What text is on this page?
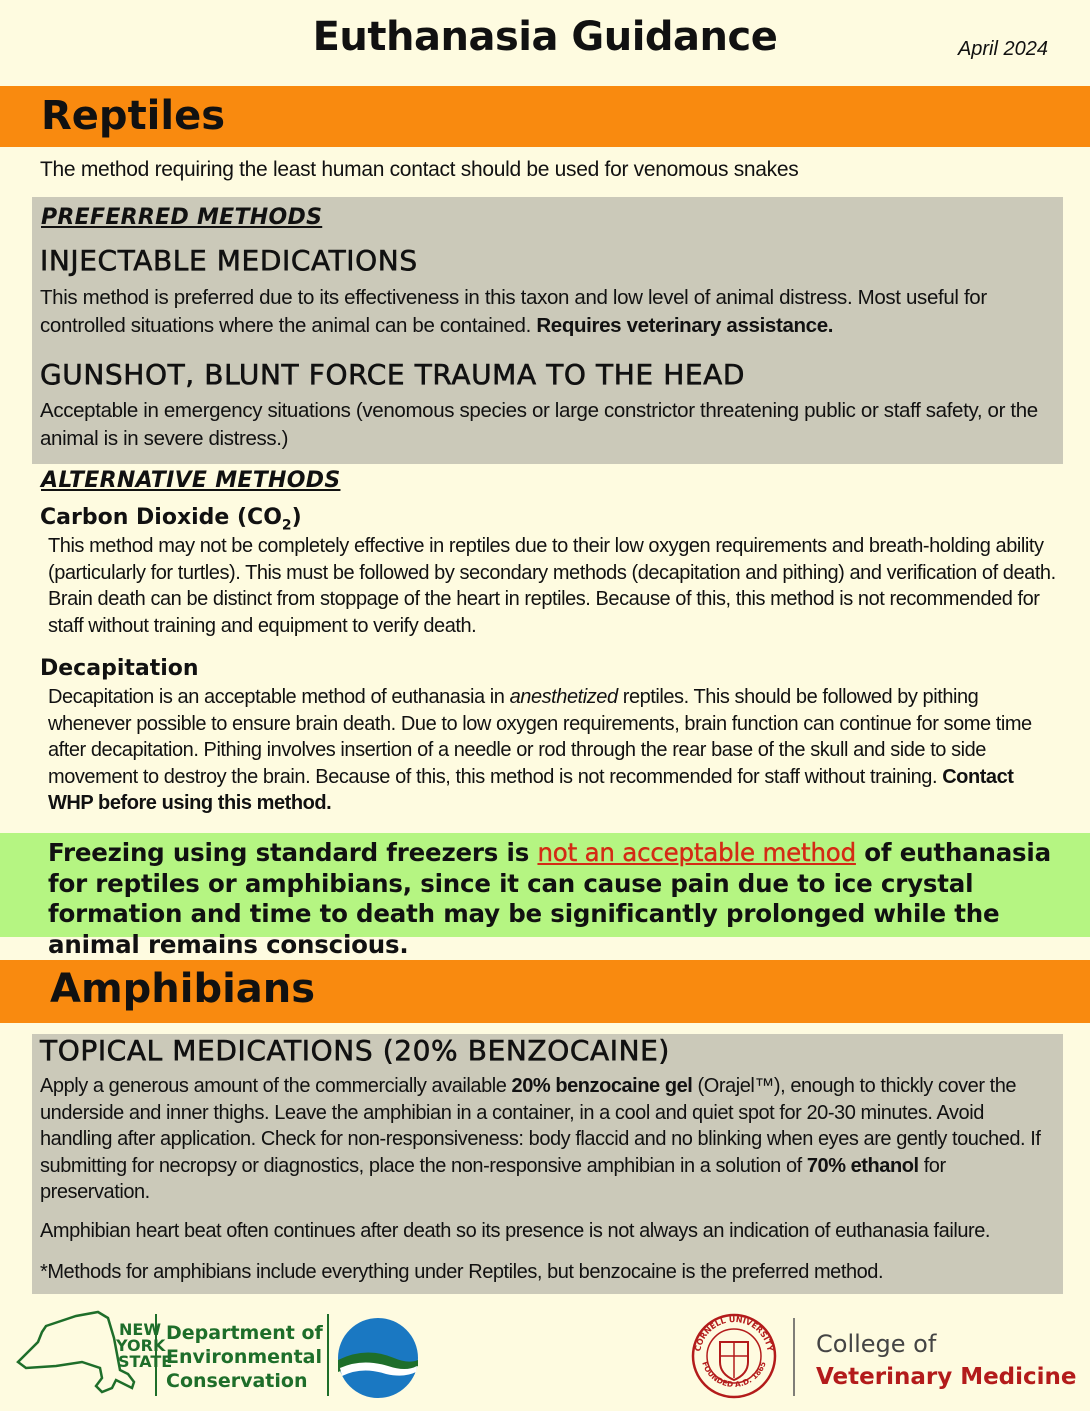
Euthanasia Guidance	April 2024
Reptiles
The method requiring the least human contact should be used for venomous snakes
PREFERRED METHODS
INJECTABLE MEDICATIONS
This method is preferred due to its effectiveness in this taxon and low level of animal distress. Most useful for controlled situations where the animal can be contained. Requires veterinary assistance.
GUNSHOT, BLUNT FORCE TRAUMA TO THE HEAD
Acceptable in emergency situations (venomous species or large constrictor threatening public or staff safety, or the animal is in severe distress.)
ALTERNATIVE METHODS
Carbon Dioxide $(CO_2)$
This method may not be completely effective in reptiles due to their low oxygen requirements and breath-holding ability (particularly for turtles). This must be followed by secondary methods (decapitation and pithing) and verification of death. Brain death can be distinct from stoppage of the heart in reptiles. Because of this, this method is not recommended for staff without training and equipment to verify death.
Decapitation
Decapitation is an acceptable method of euthanasia in anesthetized reptiles. This should be followed by pithing whenever possible to ensure brain death. Due to low oxygen requirements, brain function can continue for some time after decapitation. Pithing involves insertion of a needle or rod through the rear base of the skull and side to side movement to destroy the brain. Because of this, this method is not recommended for staff without training. Contact WHP before using this method.
Freezing using standard freezers is not an acceptable method of euthanasia for reptiles or amphibians, since it can cause pain due to ice crystal formation and time to death may be significantly prolonged while the animal remains conscious.
Amphibians
TOPICAL MEDICATIONS (20% BENZOCAINE)
Apply a generous amount of the commercially available 20% benzocaine gel (Orajel™), enough to thickly cover the underside and inner thighs. Leave the amphibian in a container, in a cool and quiet spot for 20-30 minutes. Avoid handling after application. Check for non-responsiveness: body flaccid and no blinking when eyes are gently touched. If submitting for necropsy or diagnostics, place the non-responsive amphibian in a solution of 70% ethanol for preservation.
Amphibian heart beat often continues after death so its presence is not always an indication of euthanasia failure.
*Methods for amphibians include everything under Reptiles, but benzocaine is the preferred method.
NEW
YORK
STATE
Department of
Environmental
Conservation
CORNELL UNIVERSITY
FOUNDED A.D. 1865
College of
Veterinary Medicine
